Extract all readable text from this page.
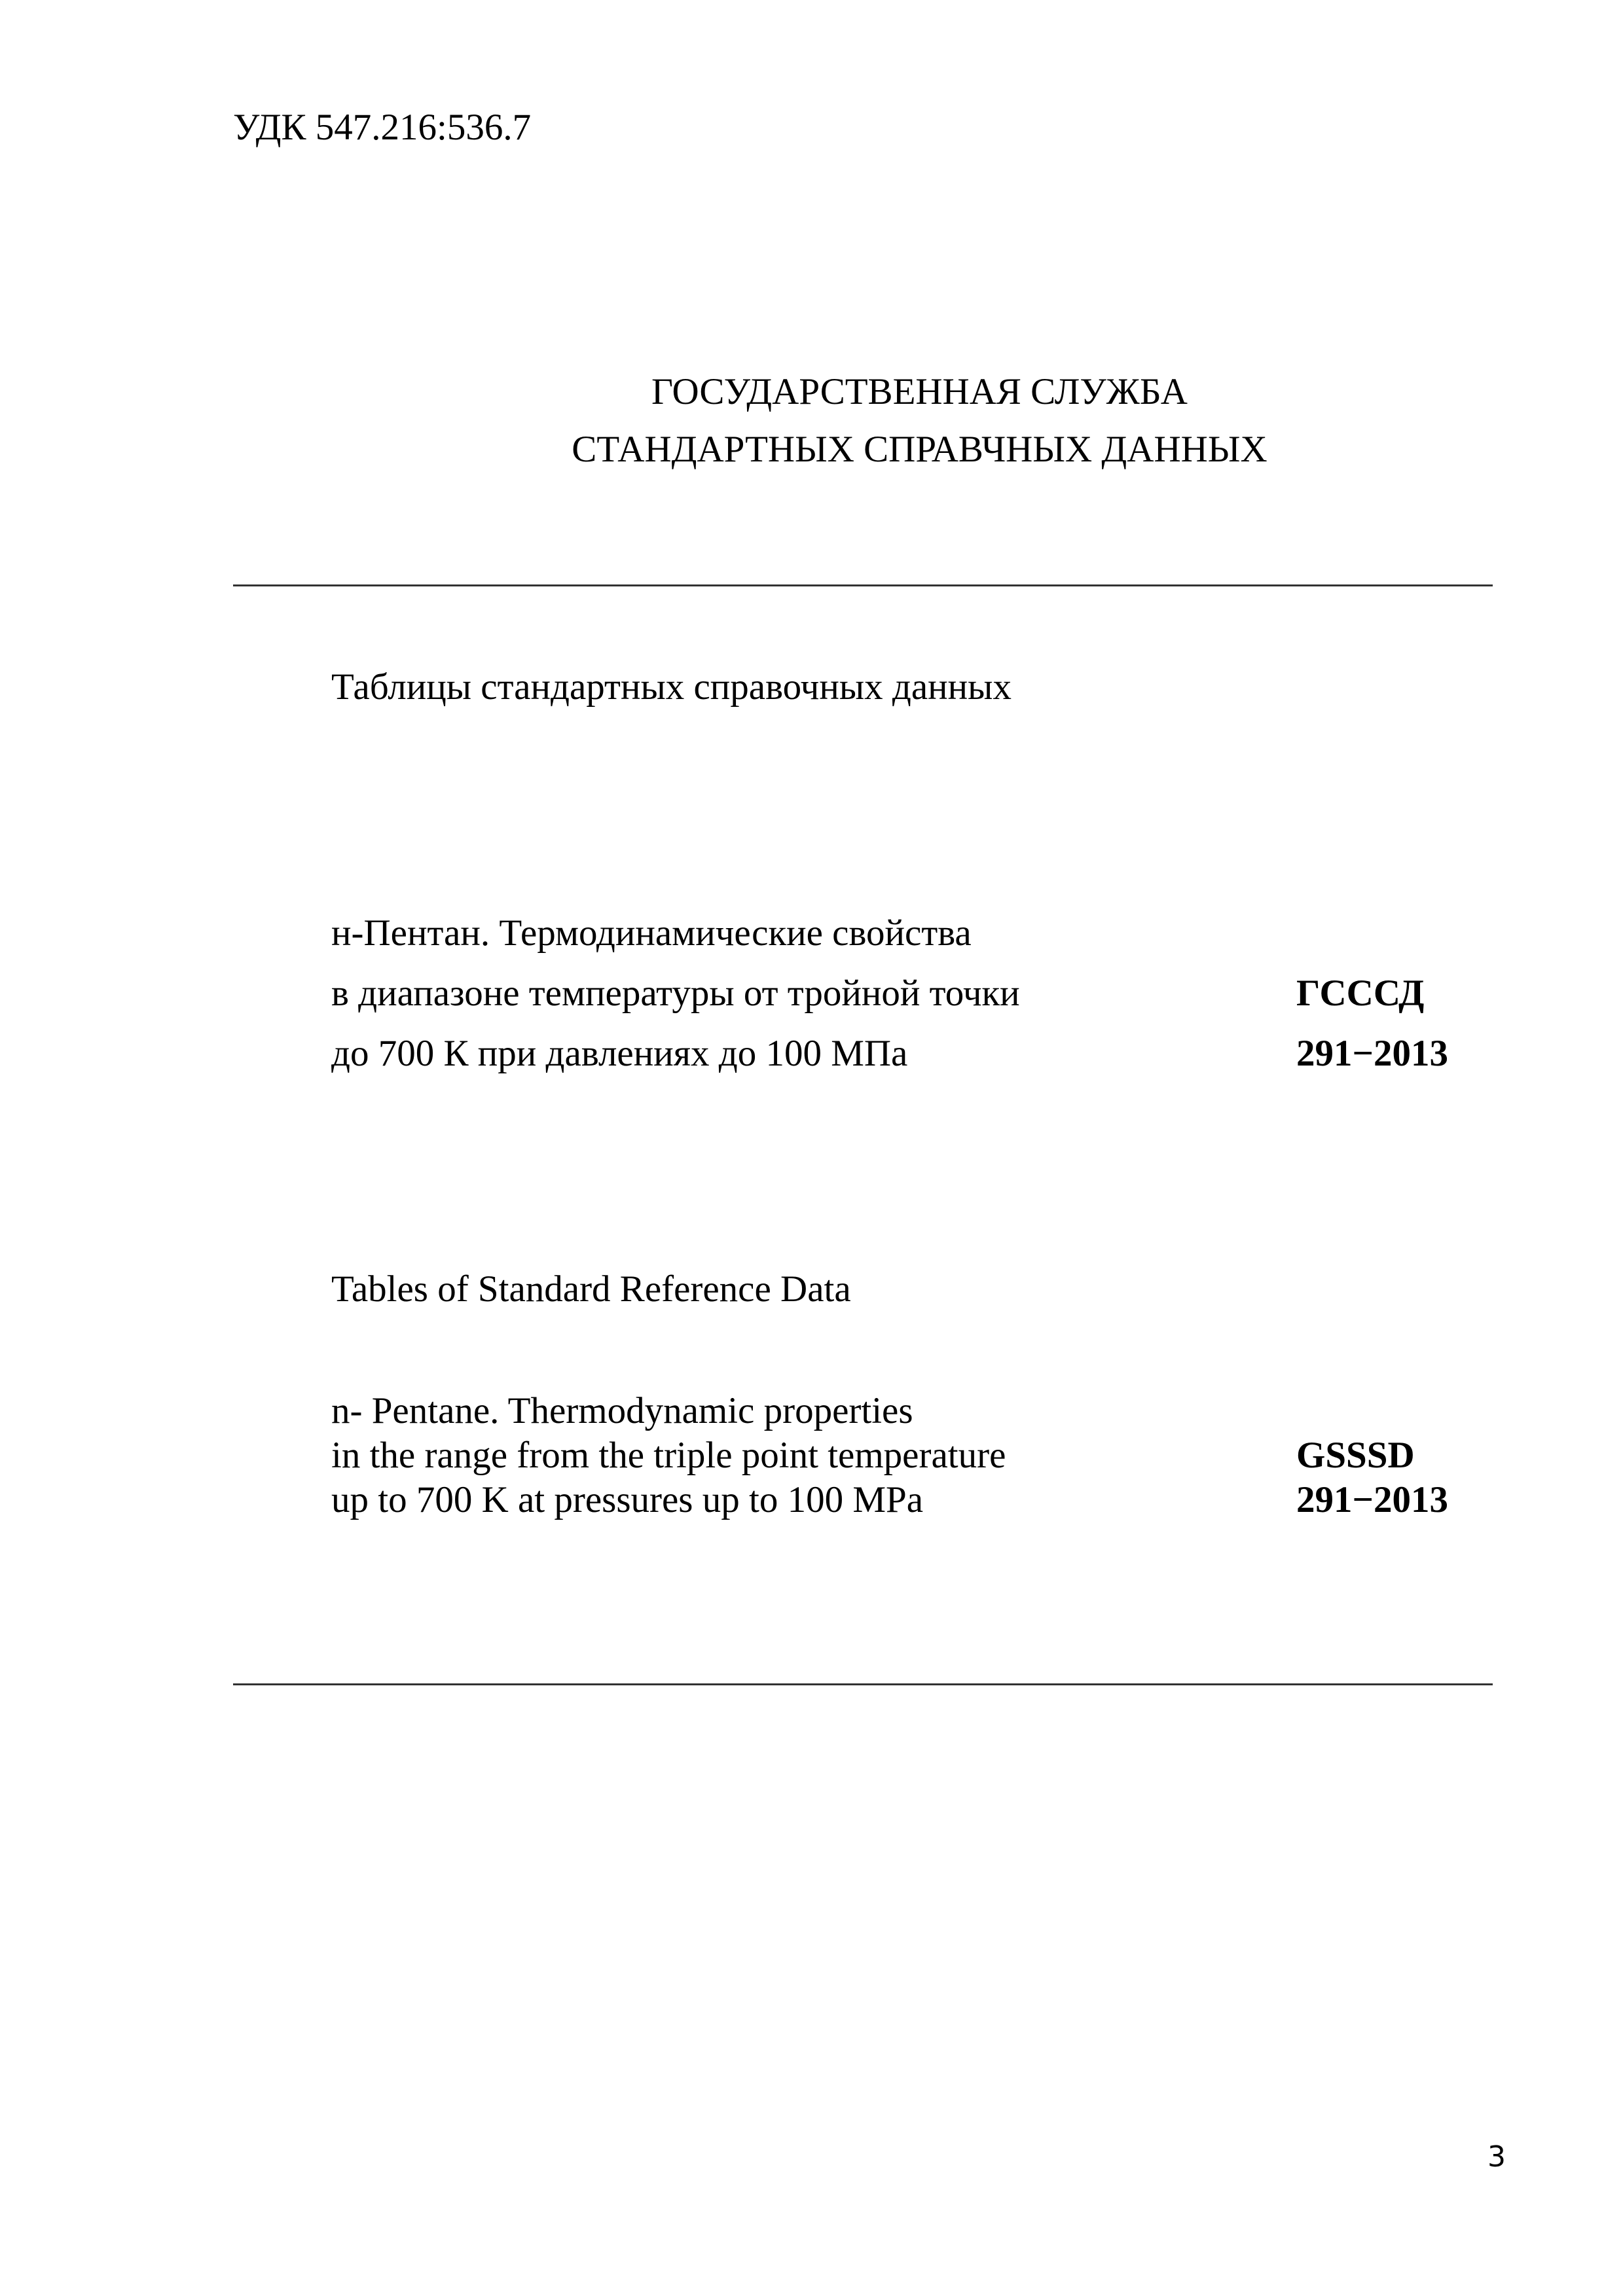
УДК 547.216:536.7
ГОСУДАРСТВЕННАЯ СЛУЖБА
СТАНДАРТНЫХ СПРАВЧНЫХ ДАННЫХ
Таблицы стандартных справочных данных
н-Пентан. Термодинамические свойства
в диапазоне температуры от тройной точки
до 700 К при давлениях до 100 МПа
ГСССД
291−2013
Tables of Standard Reference Data
n- Pentane. Thermodynamic properties
in the range from the triple point temperature
up to 700 K at pressures up to 100 MPa
GSSSD
291−2013
3
